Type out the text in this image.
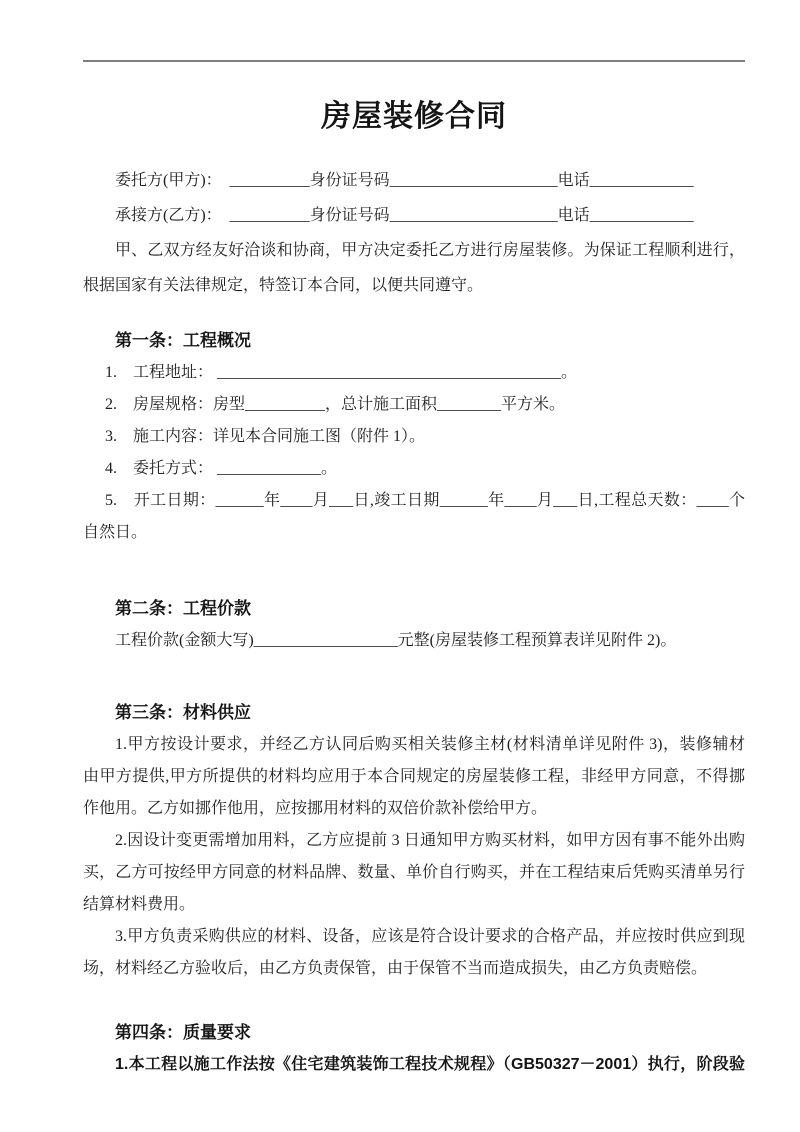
房屋装修合同
委托方(甲方)：　__________身份证号码_____________________电话_____________
承接方(乙方)：　__________身份证号码_____________________电话_____________
甲、乙双方经友好洽谈和协商，甲方决定委托乙方进行房屋装修。为保证工程顺利进行，
根据国家有关法律规定，特签订本合同，以便共同遵守。
第一条：工程概况
1.　工程地址： ___________________________________________。
2.　房屋规格：房型__________，总计施工面积________平方米。
3.　施工内容：详见本合同施工图（附件 1）。
4.　委托方式： _____________。
5.　开工日期：______年____月___日,竣工日期______年____月___日,工程总天数：____个
自然日。
第二条：工程价款
工程价款(金额大写)__________________元整(房屋装修工程预算表详见附件 2)。
第三条：材料供应
1.甲方按设计要求，并经乙方认同后购买相关装修主材(材料清单详见附件 3)，装修辅材
由甲方提供,甲方所提供的材料均应用于本合同规定的房屋装修工程，非经甲方同意，不得挪
作他用。乙方如挪作他用，应按挪用材料的双倍价款补偿给甲方。
2.因设计变更需增加用料，乙方应提前 3 日通知甲方购买材料，如甲方因有事不能外出购
买，乙方可按经甲方同意的材料品牌、数量、单价自行购买，并在工程结束后凭购买清单另行
结算材料费用。
3.甲方负责采购供应的材料、设备，应该是符合设计要求的合格产品，并应按时供应到现
场，材料经乙方验收后，由乙方负责保管，由于保管不当而造成损失，由乙方负责赔偿。
第四条：质量要求
1.本工程以施工作法按《住宅建筑装饰工程技术规程》（GB50327－2001）执行，阶段验
